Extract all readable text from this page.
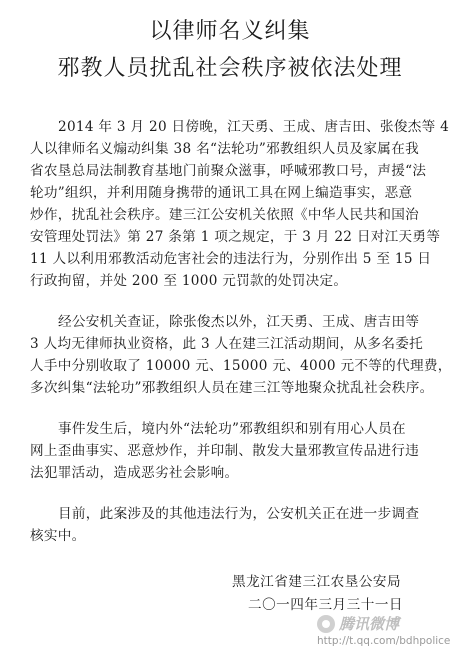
以律师名义纠集
邪教人员扰乱社会秩序被依法处理
2014 年 3 月 20 日傍晚，江天勇、王成、唐吉田、张俊杰等 4
人以律师名义煽动纠集 38 名“法轮功”邪教组织人员及家属在我
省农垦总局法制教育基地门前聚众滋事，呼喊邪教口号，声援“法
轮功”组织，并利用随身携带的通讯工具在网上编造事实，恶意
炒作，扰乱社会秩序。建三江公安机关依照《中华人民共和国治
安管理处罚法》第 27 条第 1 项之规定，于 3 月 22 日对江天勇等
11 人以利用邪教活动危害社会的违法行为，分别作出 5 至 15 日
行政拘留，并处 200 至 1000 元罚款的处罚决定。
经公安机关查证，除张俊杰以外，江天勇、王成、唐吉田等
3 人均无律师执业资格，此 3 人在建三江活动期间，从多名委托
人手中分别收取了 10000 元、15000 元、4000 元不等的代理费，
多次纠集“法轮功”邪教组织人员在建三江等地聚众扰乱社会秩序。
事件发生后，境内外“法轮功”邪教组织和别有用心人员在
网上歪曲事实、恶意炒作，并印制、散发大量邪教宣传品进行违
法犯罪活动，造成恶劣社会影响。
目前，此案涉及的其他违法行为，公安机关正在进一步调查
核实中。
黑龙江省建三江农垦公安局
二〇一四年三月三十一日
腾讯微博
http://t.qq.com/bdhpolice
